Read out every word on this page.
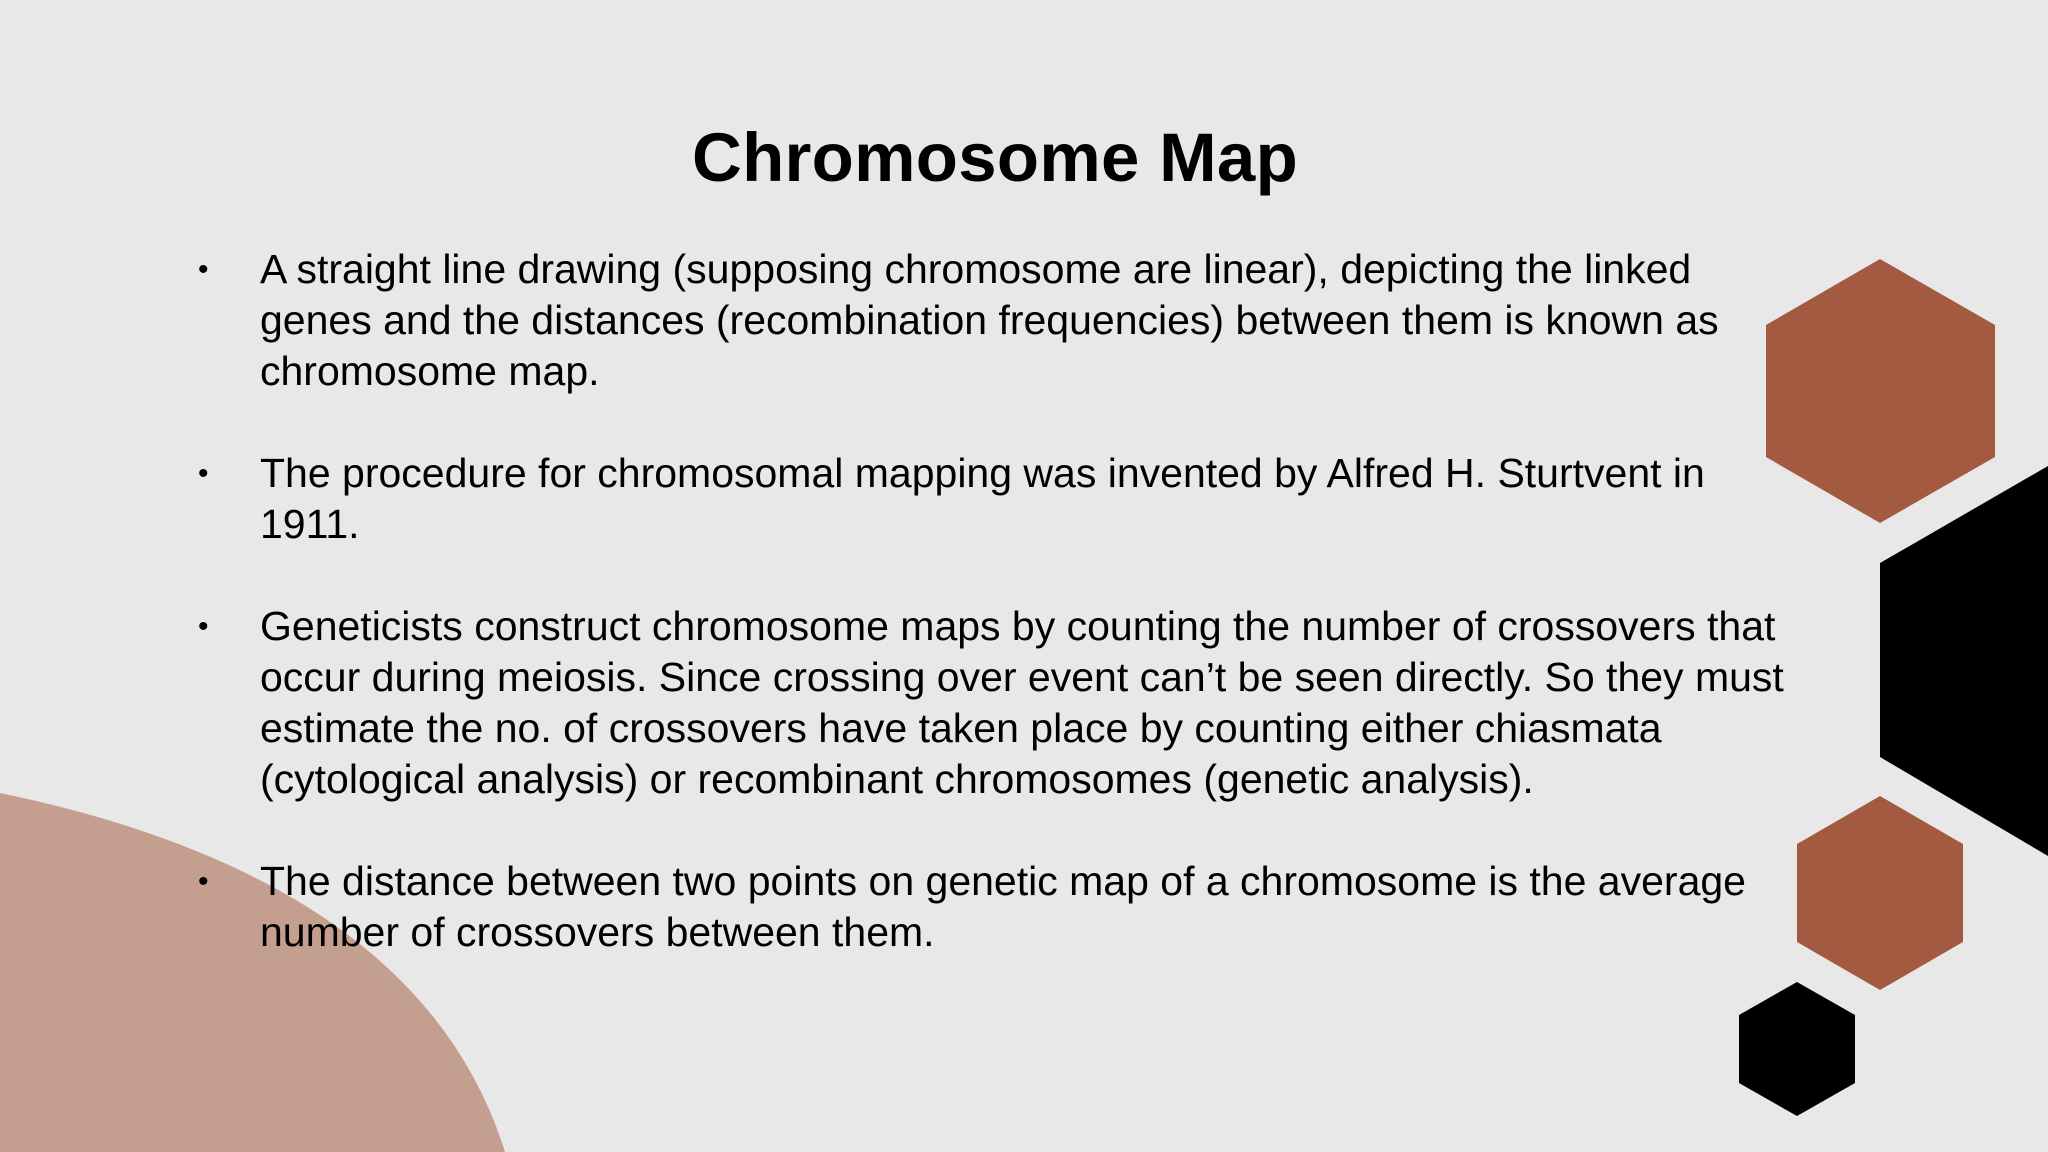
Chromosome Map
• A straight line drawing (supposing chromosome are linear), depicting the linked genes and the distances (recombination frequencies) between them is known as chromosome map.
• The procedure for chromosomal mapping was invented by Alfred H. Sturtvent in 1911.
• Geneticists construct chromosome maps by counting the number of crossovers that occur during meiosis. Since crossing over event can’t be seen directly. So they must estimate the no. of crossovers have taken place by counting either chiasmata (cytological analysis) or recombinant chromosomes (genetic analysis).
• The distance between two points on genetic map of a chromosome is the average number of crossovers between them.
